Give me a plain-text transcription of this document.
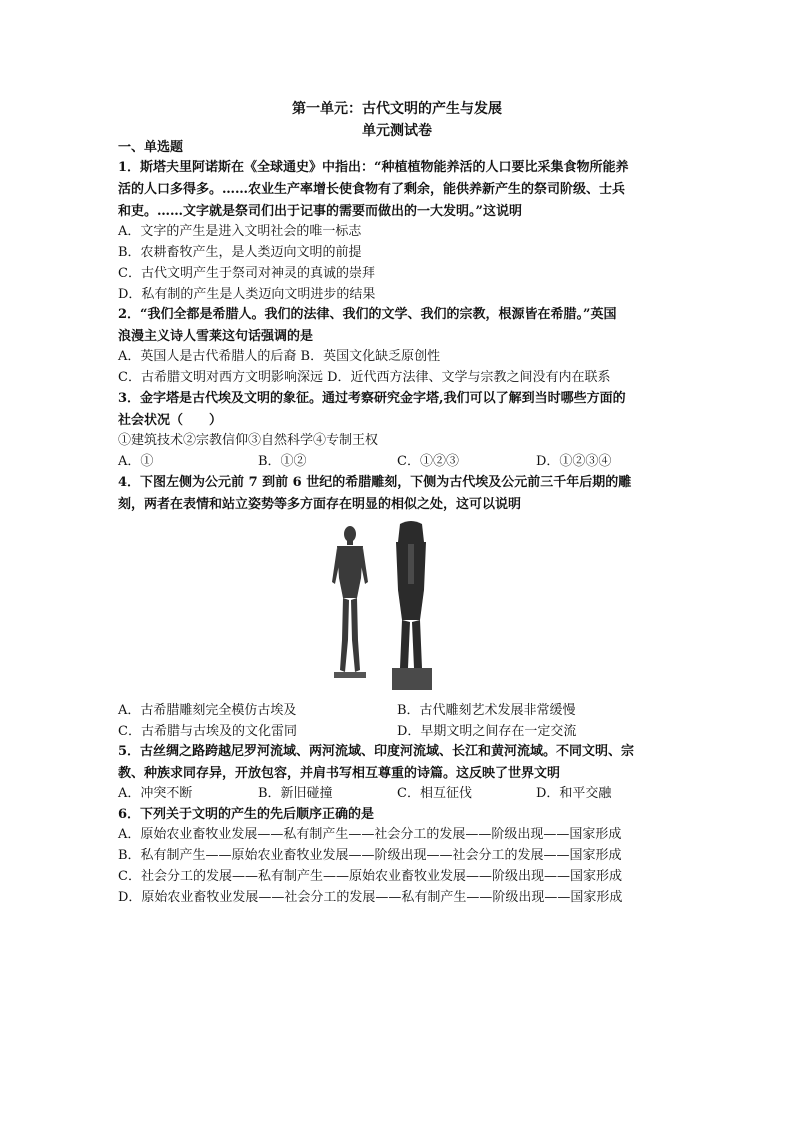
第一单元：古代文明的产生与发展
单元测试卷
一、单选题
1．斯塔夫里阿诺斯在《全球通史》中指出：“种植植物能养活的人口要比采集食物所能养
活的人口多得多。……农业生产率增长使食物有了剩余，能供养新产生的祭司阶级、士兵
和吏。……文字就是祭司们出于记事的需要而做出的一大发明。”这说明
A．文字的产生是进入文明社会的唯一标志
B．农耕畜牧产生，是人类迈向文明的前提
C．古代文明产生于祭司对神灵的真诚的崇拜
D．私有制的产生是人类迈向文明进步的结果
2．“我们全都是希腊人。我们的法律、我们的文学、我们的宗教，根源皆在希腊。”英国
浪漫主义诗人雪莱这句话强调的是
A．英国人是古代希腊人的后裔 B．英国文化缺乏原创性
C．古希腊文明对西方文明影响深远 D．近代西方法律、文学与宗教之间没有内在联系
3．金字塔是古代埃及文明的象征。通过考察研究金字塔,我们可以了解到当时哪些方面的
社会状况（　　）
①建筑技术②宗教信仰③自然科学④专制王权
A．①	B．①②	C．①②③	D．①②③④
4．下图左侧为公元前 7 到前 6 世纪的希腊雕刻，下侧为古代埃及公元前三千年后期的雕
刻，两者在表情和站立姿势等多方面存在明显的相似之处，这可以说明
A．古希腊雕刻完全模仿古埃及	B．古代雕刻艺术发展非常缓慢
C．古希腊与古埃及的文化雷同	D．早期文明之间存在一定交流
5．古丝绸之路跨越尼罗河流域、两河流域、印度河流域、长江和黄河流域。不同文明、宗
教、种族求同存异，开放包容，并肩书写相互尊重的诗篇。这反映了世界文明
A．冲突不断	B．新旧碰撞	C．相互征伐	D．和平交融
6．下列关于文明的产生的先后顺序正确的是
A．原始农业畜牧业发展——私有制产生——社会分工的发展——阶级出现——国家形成
B．私有制产生——原始农业畜牧业发展——阶级出现——社会分工的发展——国家形成
C．社会分工的发展——私有制产生——原始农业畜牧业发展——阶级出现——国家形成
D．原始农业畜牧业发展——社会分工的发展——私有制产生——阶级出现——国家形成
